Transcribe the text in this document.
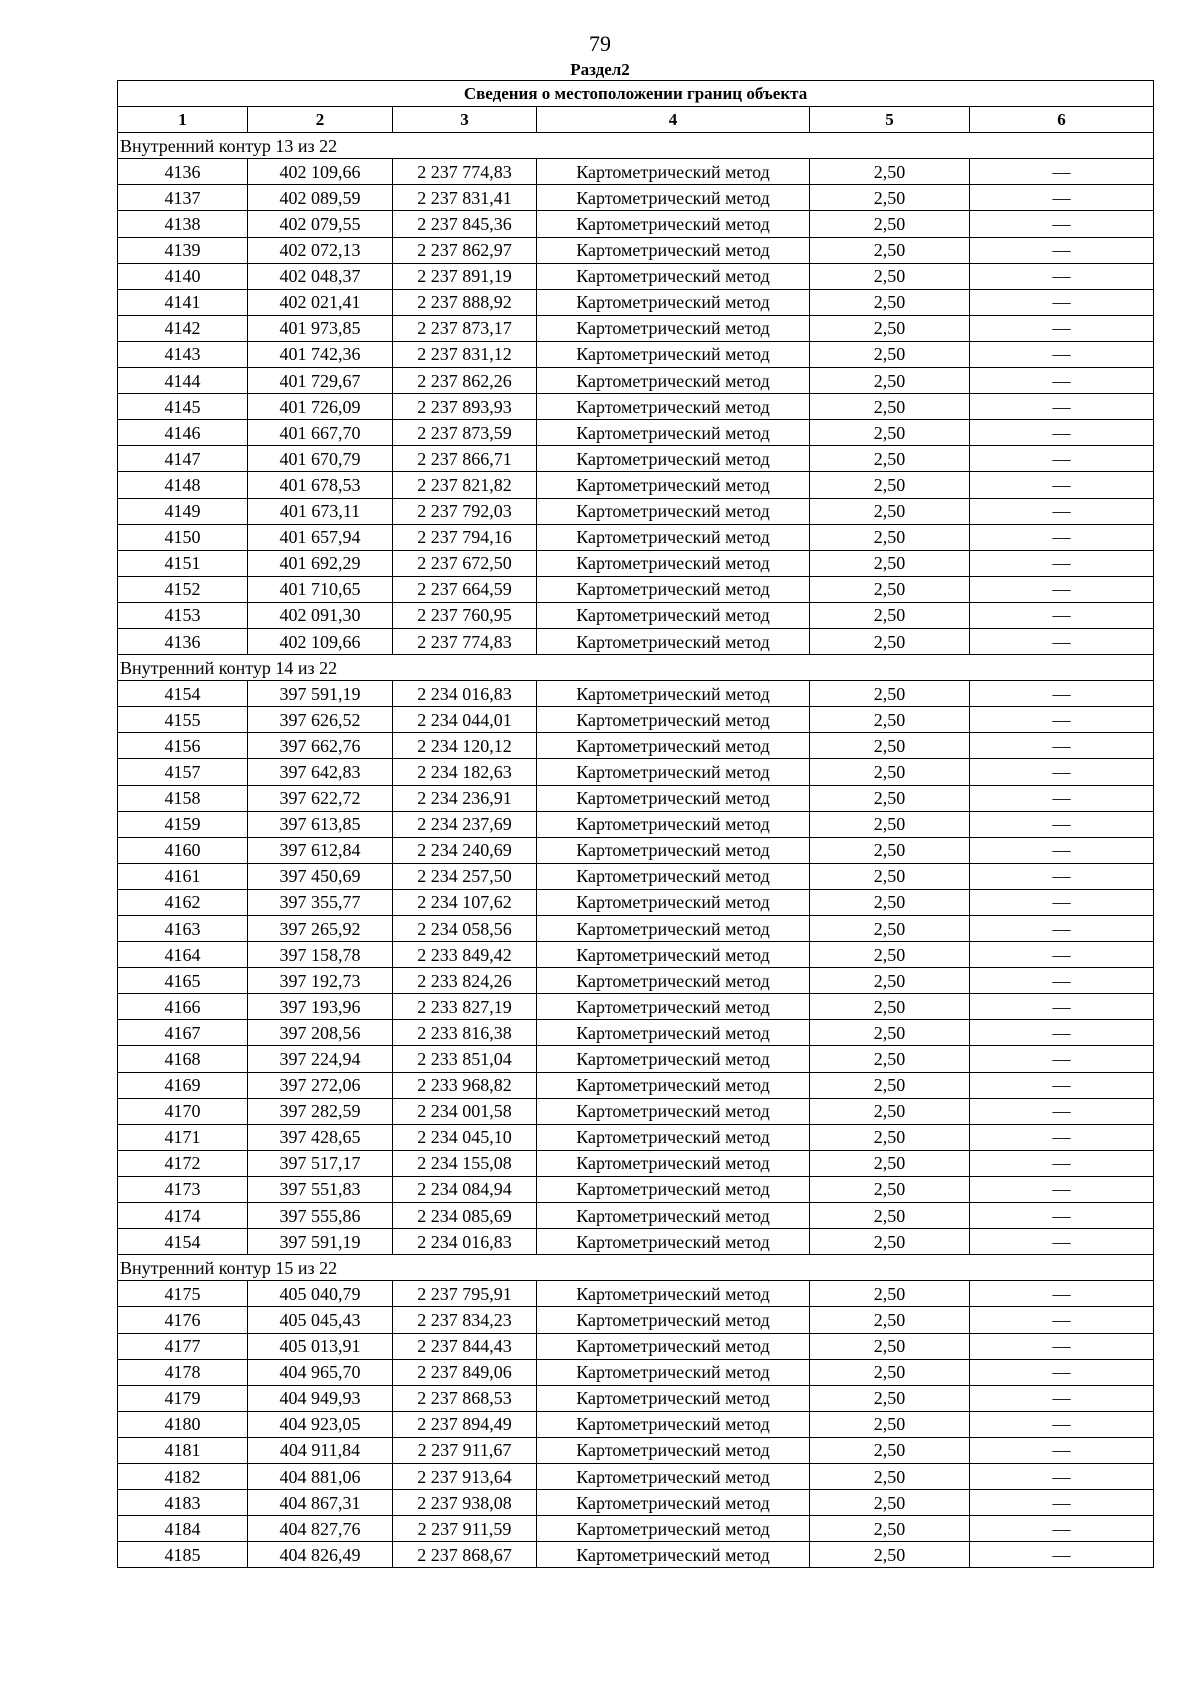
79
Раздел2
Сведения о местоположении границ объекта					
1	2	3	4	5	6
Внутренний контур 13 из 22					
4136	402 109,66	2 237 774,83	Картометрический метод	2,50	—
4137	402 089,59	2 237 831,41	Картометрический метод	2,50	—
4138	402 079,55	2 237 845,36	Картометрический метод	2,50	—
4139	402 072,13	2 237 862,97	Картометрический метод	2,50	—
4140	402 048,37	2 237 891,19	Картометрический метод	2,50	—
4141	402 021,41	2 237 888,92	Картометрический метод	2,50	—
4142	401 973,85	2 237 873,17	Картометрический метод	2,50	—
4143	401 742,36	2 237 831,12	Картометрический метод	2,50	—
4144	401 729,67	2 237 862,26	Картометрический метод	2,50	—
4145	401 726,09	2 237 893,93	Картометрический метод	2,50	—
4146	401 667,70	2 237 873,59	Картометрический метод	2,50	—
4147	401 670,79	2 237 866,71	Картометрический метод	2,50	—
4148	401 678,53	2 237 821,82	Картометрический метод	2,50	—
4149	401 673,11	2 237 792,03	Картометрический метод	2,50	—
4150	401 657,94	2 237 794,16	Картометрический метод	2,50	—
4151	401 692,29	2 237 672,50	Картометрический метод	2,50	—
4152	401 710,65	2 237 664,59	Картометрический метод	2,50	—
4153	402 091,30	2 237 760,95	Картометрический метод	2,50	—
4136	402 109,66	2 237 774,83	Картометрический метод	2,50	—
Внутренний контур 14 из 22					
4154	397 591,19	2 234 016,83	Картометрический метод	2,50	—
4155	397 626,52	2 234 044,01	Картометрический метод	2,50	—
4156	397 662,76	2 234 120,12	Картометрический метод	2,50	—
4157	397 642,83	2 234 182,63	Картометрический метод	2,50	—
4158	397 622,72	2 234 236,91	Картометрический метод	2,50	—
4159	397 613,85	2 234 237,69	Картометрический метод	2,50	—
4160	397 612,84	2 234 240,69	Картометрический метод	2,50	—
4161	397 450,69	2 234 257,50	Картометрический метод	2,50	—
4162	397 355,77	2 234 107,62	Картометрический метод	2,50	—
4163	397 265,92	2 234 058,56	Картометрический метод	2,50	—
4164	397 158,78	2 233 849,42	Картометрический метод	2,50	—
4165	397 192,73	2 233 824,26	Картометрический метод	2,50	—
4166	397 193,96	2 233 827,19	Картометрический метод	2,50	—
4167	397 208,56	2 233 816,38	Картометрический метод	2,50	—
4168	397 224,94	2 233 851,04	Картометрический метод	2,50	—
4169	397 272,06	2 233 968,82	Картометрический метод	2,50	—
4170	397 282,59	2 234 001,58	Картометрический метод	2,50	—
4171	397 428,65	2 234 045,10	Картометрический метод	2,50	—
4172	397 517,17	2 234 155,08	Картометрический метод	2,50	—
4173	397 551,83	2 234 084,94	Картометрический метод	2,50	—
4174	397 555,86	2 234 085,69	Картометрический метод	2,50	—
4154	397 591,19	2 234 016,83	Картометрический метод	2,50	—
Внутренний контур 15 из 22					
4175	405 040,79	2 237 795,91	Картометрический метод	2,50	—
4176	405 045,43	2 237 834,23	Картометрический метод	2,50	—
4177	405 013,91	2 237 844,43	Картометрический метод	2,50	—
4178	404 965,70	2 237 849,06	Картометрический метод	2,50	—
4179	404 949,93	2 237 868,53	Картометрический метод	2,50	—
4180	404 923,05	2 237 894,49	Картометрический метод	2,50	—
4181	404 911,84	2 237 911,67	Картометрический метод	2,50	—
4182	404 881,06	2 237 913,64	Картометрический метод	2,50	—
4183	404 867,31	2 237 938,08	Картометрический метод	2,50	—
4184	404 827,76	2 237 911,59	Картометрический метод	2,50	—
4185	404 826,49	2 237 868,67	Картометрический метод	2,50	—
